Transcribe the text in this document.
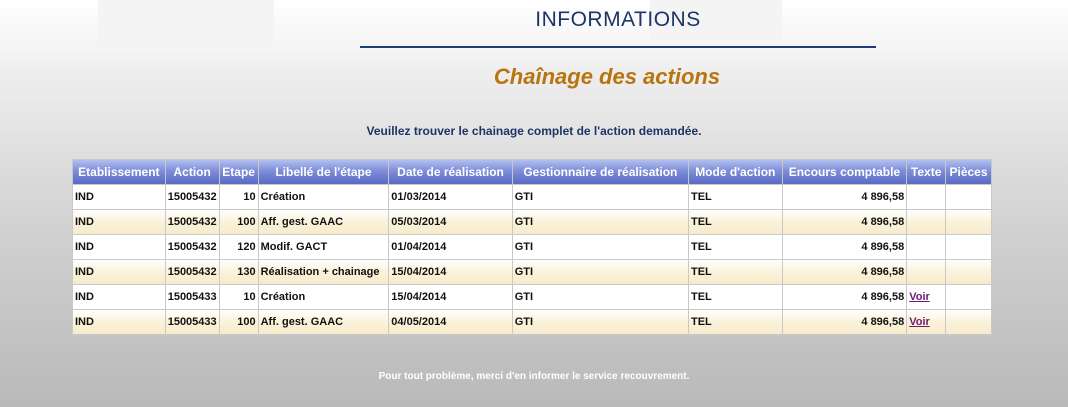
INFORMATIONS
Chaînage des actions
Veuillez trouver le chainage complet de l'action demandée.
Etablissement	Action	Etape	Libellé de l'étape	Date de réalisation	Gestionnaire de réalisation	Mode d'action	Encours comptable	Texte	Pièces
IND	15005432	10	Création	01/03/2014	GTI	TEL	4 896,58		
IND	15005432	100	Aff. gest. GAAC	05/03/2014	GTI	TEL	4 896,58		
IND	15005432	120	Modif. GACT	01/04/2014	GTI	TEL	4 896,58		
IND	15005432	130	Réalisation + chainage	15/04/2014	GTI	TEL	4 896,58		
IND	15005433	10	Création	15/04/2014	GTI	TEL	4 896,58	Voir	
IND	15005433	100	Aff. gest. GAAC	04/05/2014	GTI	TEL	4 896,58	Voir	
Pour tout problème, merci d'en informer le service recouvrement.
